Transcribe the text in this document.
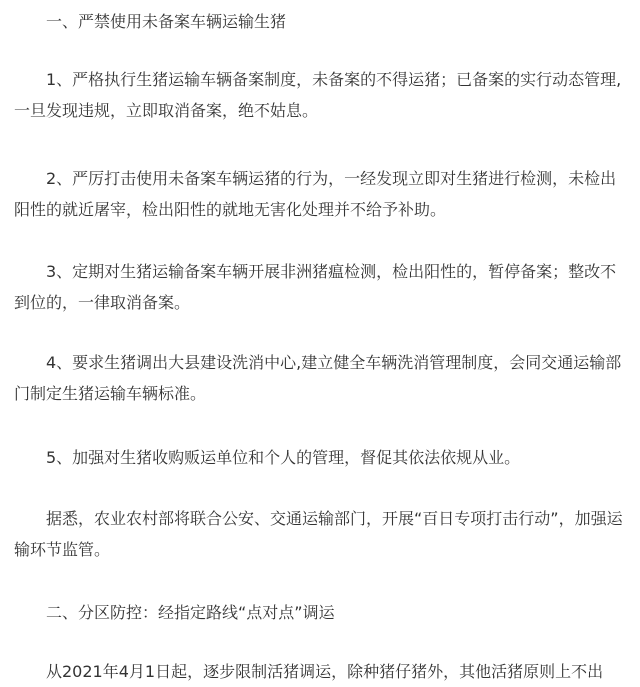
一、严禁使用未备案车辆运输生猪

1、严格执行生猪运输车辆备案制度，未备案的不得运猪；已备案的实行动态管理,一旦发现违规，立即取消备案，绝不姑息。

2、严厉打击使用未备案车辆运猪的行为，一经发现立即对生猪进行检测，未检出阳性的就近屠宰，检出阳性的就地无害化处理并不给予补助。

3、定期对生猪运输备案车辆开展非洲猪瘟检测，检出阳性的，暂停备案；整改不到位的，一律取消备案。

4、要求生猪调出大县建设洗消中心,建立健全车辆洗消管理制度，会同交通运输部门制定生猪运输车辆标准。

5、加强对生猪收购贩运单位和个人的管理，督促其依法依规从业。

据悉，农业农村部将联合公安、交通运输部门，开展“百日专项打击行动”，加强运输环节监管。

二、分区防控：经指定路线“点对点”调运

从2021年4月1日起，逐步限制活猪调运，除种猪仔猪外，其他活猪原则上不出
